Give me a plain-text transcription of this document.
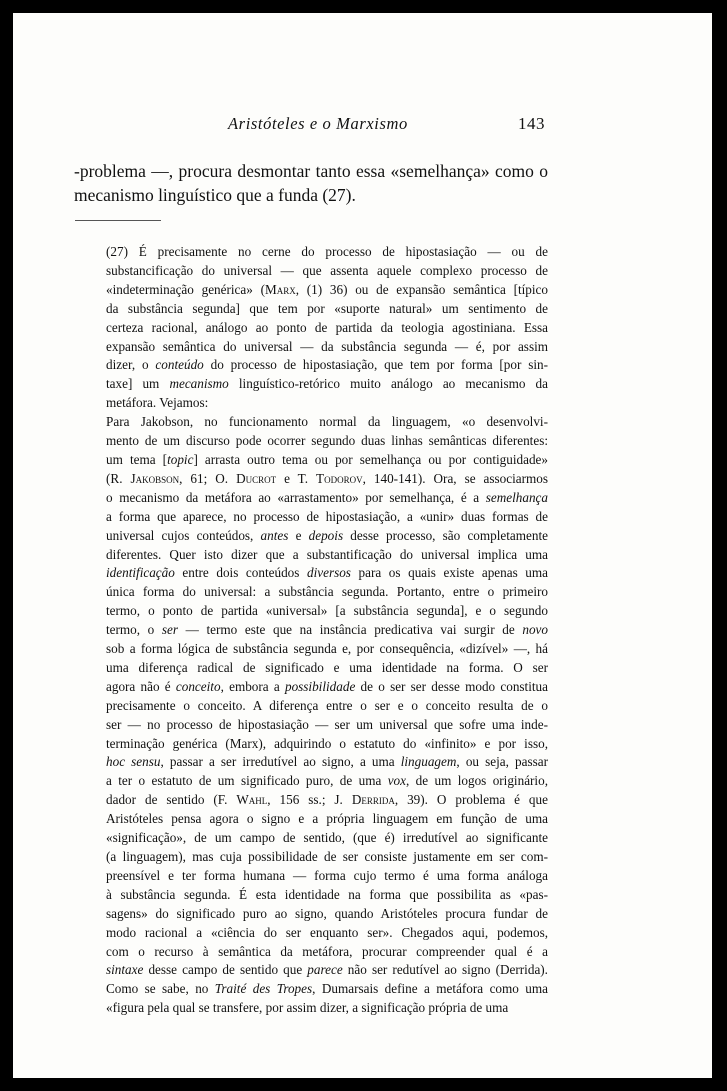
Aristóteles e o Marxismo	143

-problema —, procura desmontar tanto essa «semelhança» como o mecanismo linguístico que a funda (27).

(27) É precisamente no cerne do processo de hipostasiação — ou de
substancificação do universal — que assenta aquele complexo processo de
«indeterminação genérica» (Marx, (1) 36) ou de expansão semântica [típico
da substância segunda] que tem por «suporte natural» um sentimento de
certeza racional, análogo ao ponto de partida da teologia agostiniana. Essa
expansão semântica do universal — da substância segunda — é, por assim
dizer, o conteúdo do processo de hipostasiação, que tem por forma [por sin-
taxe] um mecanismo linguístico-retórico muito análogo ao mecanismo da
metáfora. Vejamos:

Para Jakobson, no funcionamento normal da linguagem, «o desenvolvi-
mento de um discurso pode ocorrer segundo duas linhas semânticas diferentes:
um tema [topic] arrasta outro tema ou por semelhança ou por contiguidade»
(R. Jakobson, 61; O. Ducrot e T. Todorov, 140-141). Ora, se associarmos
o mecanismo da metáfora ao «arrastamento» por semelhança, é a semelhança
a forma que aparece, no processo de hipostasiação, a «unir» duas formas de
universal cujos conteúdos, antes e depois desse processo, são completamente
diferentes. Quer isto dizer que a substantificação do universal implica uma
identificação entre dois conteúdos diversos para os quais existe apenas uma
única forma do universal: a substância segunda. Portanto, entre o primeiro
termo, o ponto de partida «universal» [a substância segunda], e o segundo
termo, o ser — termo este que na instância predicativa vai surgir de novo
sob a forma lógica de substância segunda e, por consequência, «dizível» —, há
uma diferença radical de significado e uma identidade na forma. O ser
agora não é conceito, embora a possibilidade de o ser ser desse modo constitua
precisamente o conceito. A diferença entre o ser e o conceito resulta de o
ser — no processo de hipostasiação — ser um universal que sofre uma inde-
terminação genérica (Marx), adquirindo o estatuto do «infinito» e por isso,
hoc sensu, passar a ser irredutível ao signo, a uma linguagem, ou seja, passar
a ter o estatuto de um significado puro, de uma vox, de um logos originário,
dador de sentido (F. Wahl, 156 ss.; J. Derrida, 39). O problema é que
Aristóteles pensa agora o signo e a própria linguagem em função de uma
«significação», de um campo de sentido, (que é) irredutível ao significante
(a linguagem), mas cuja possibilidade de ser consiste justamente em ser com-
preensível e ter forma humana — forma cujo termo é uma forma análoga
à substância segunda. É esta identidade na forma que possibilita as «pas-
sagens» do significado puro ao signo, quando Aristóteles procura fundar de
modo racional a «ciência do ser enquanto ser». Chegados aqui, podemos,
com o recurso à semântica da metáfora, procurar compreender qual é a
sintaxe desse campo de sentido que parece não ser redutível ao signo (Derrida).
Como se sabe, no Traité des Tropes, Dumarsais define a metáfora como uma
«figura pela qual se transfere, por assim dizer, a significação própria de uma
